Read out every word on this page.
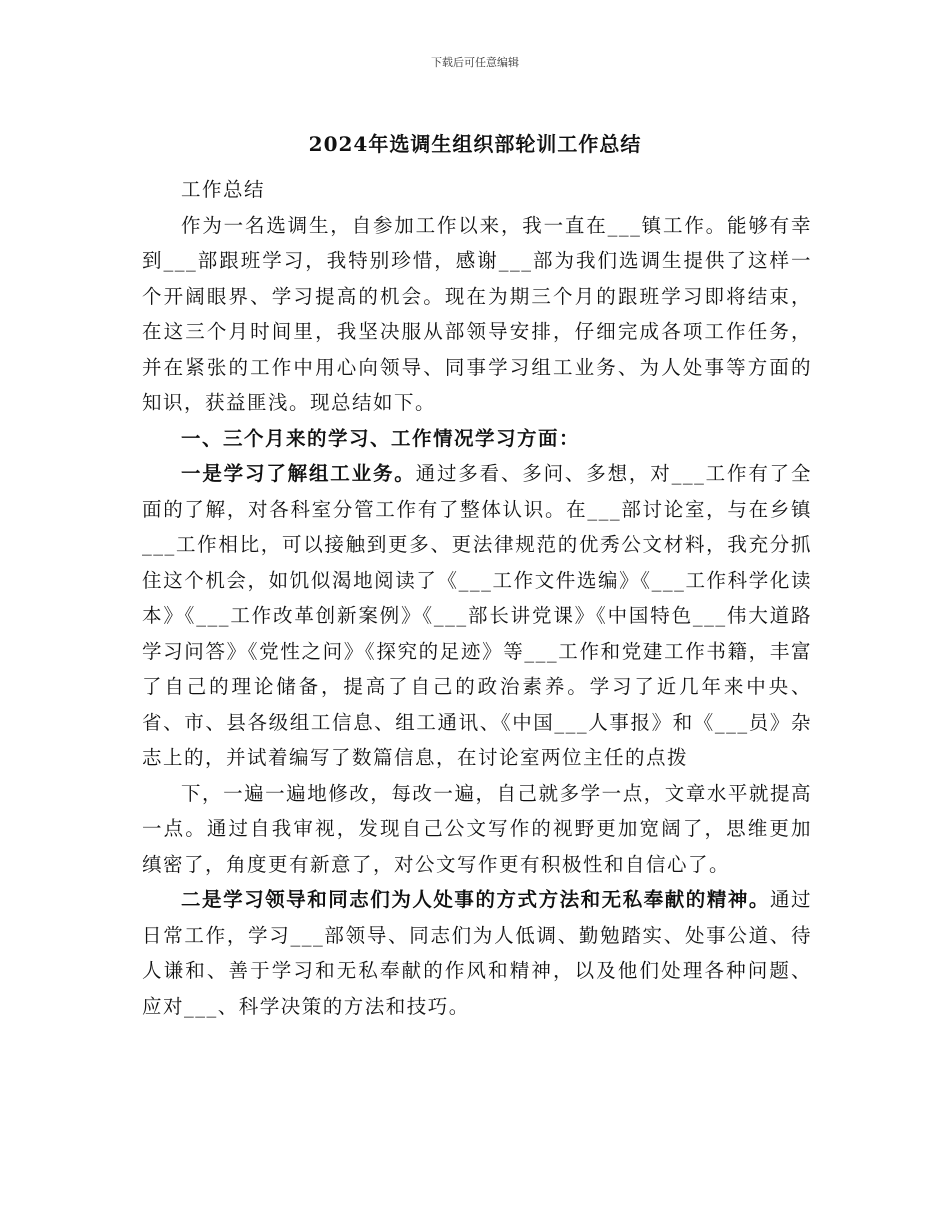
下载后可任意编辑
2024年选调生组织部轮训工作总结

工作总结

作为一名选调生，自参加工作以来，我一直在___镇工作。能够有幸到___部跟班学习，我特别珍惜，感谢___部为我们选调生提供了这样一个开阔眼界、学习提高的机会。现在为期三个月的跟班学习即将结束，在这三个月时间里，我坚决服从部领导安排，仔细完成各项工作任务，并在紧张的工作中用心向领导、同事学习组工业务、为人处事等方面的知识，获益匪浅。现总结如下。

一、三个月来的学习、工作情况学习方面：

一是学习了解组工业务。通过多看、多问、多想，对___工作有了全面的了解，对各科室分管工作有了整体认识。在___部讨论室，与在乡镇___工作相比，可以接触到更多、更法律规范的优秀公文材料，我充分抓住这个机会，如饥似渴地阅读了《___工作文件选编》《___工作科学化读本》《___工作改革创新案例》《___部长讲党课》《中国特色___伟大道路学习问答》《党性之问》《探究的足迹》等___工作和党建工作书籍，丰富了自己的理论储备，提高了自己的政治素养。学习了近几年来中央、省、市、县各级组工信息、组工通讯、《中国___人事报》和《___员》杂志上的，并试着编写了数篇信息，在讨论室两位主任的点拨

下，一遍一遍地修改，每改一遍，自己就多学一点，文章水平就提高一点。通过自我审视，发现自己公文写作的视野更加宽阔了，思维更加缜密了，角度更有新意了，对公文写作更有积极性和自信心了。

二是学习领导和同志们为人处事的方式方法和无私奉献的精神。通过日常工作，学习___部领导、同志们为人低调、勤勉踏实、处事公道、待人谦和、善于学习和无私奉献的作风和精神，以及他们处理各种问题、应对___、科学决策的方法和技巧。
